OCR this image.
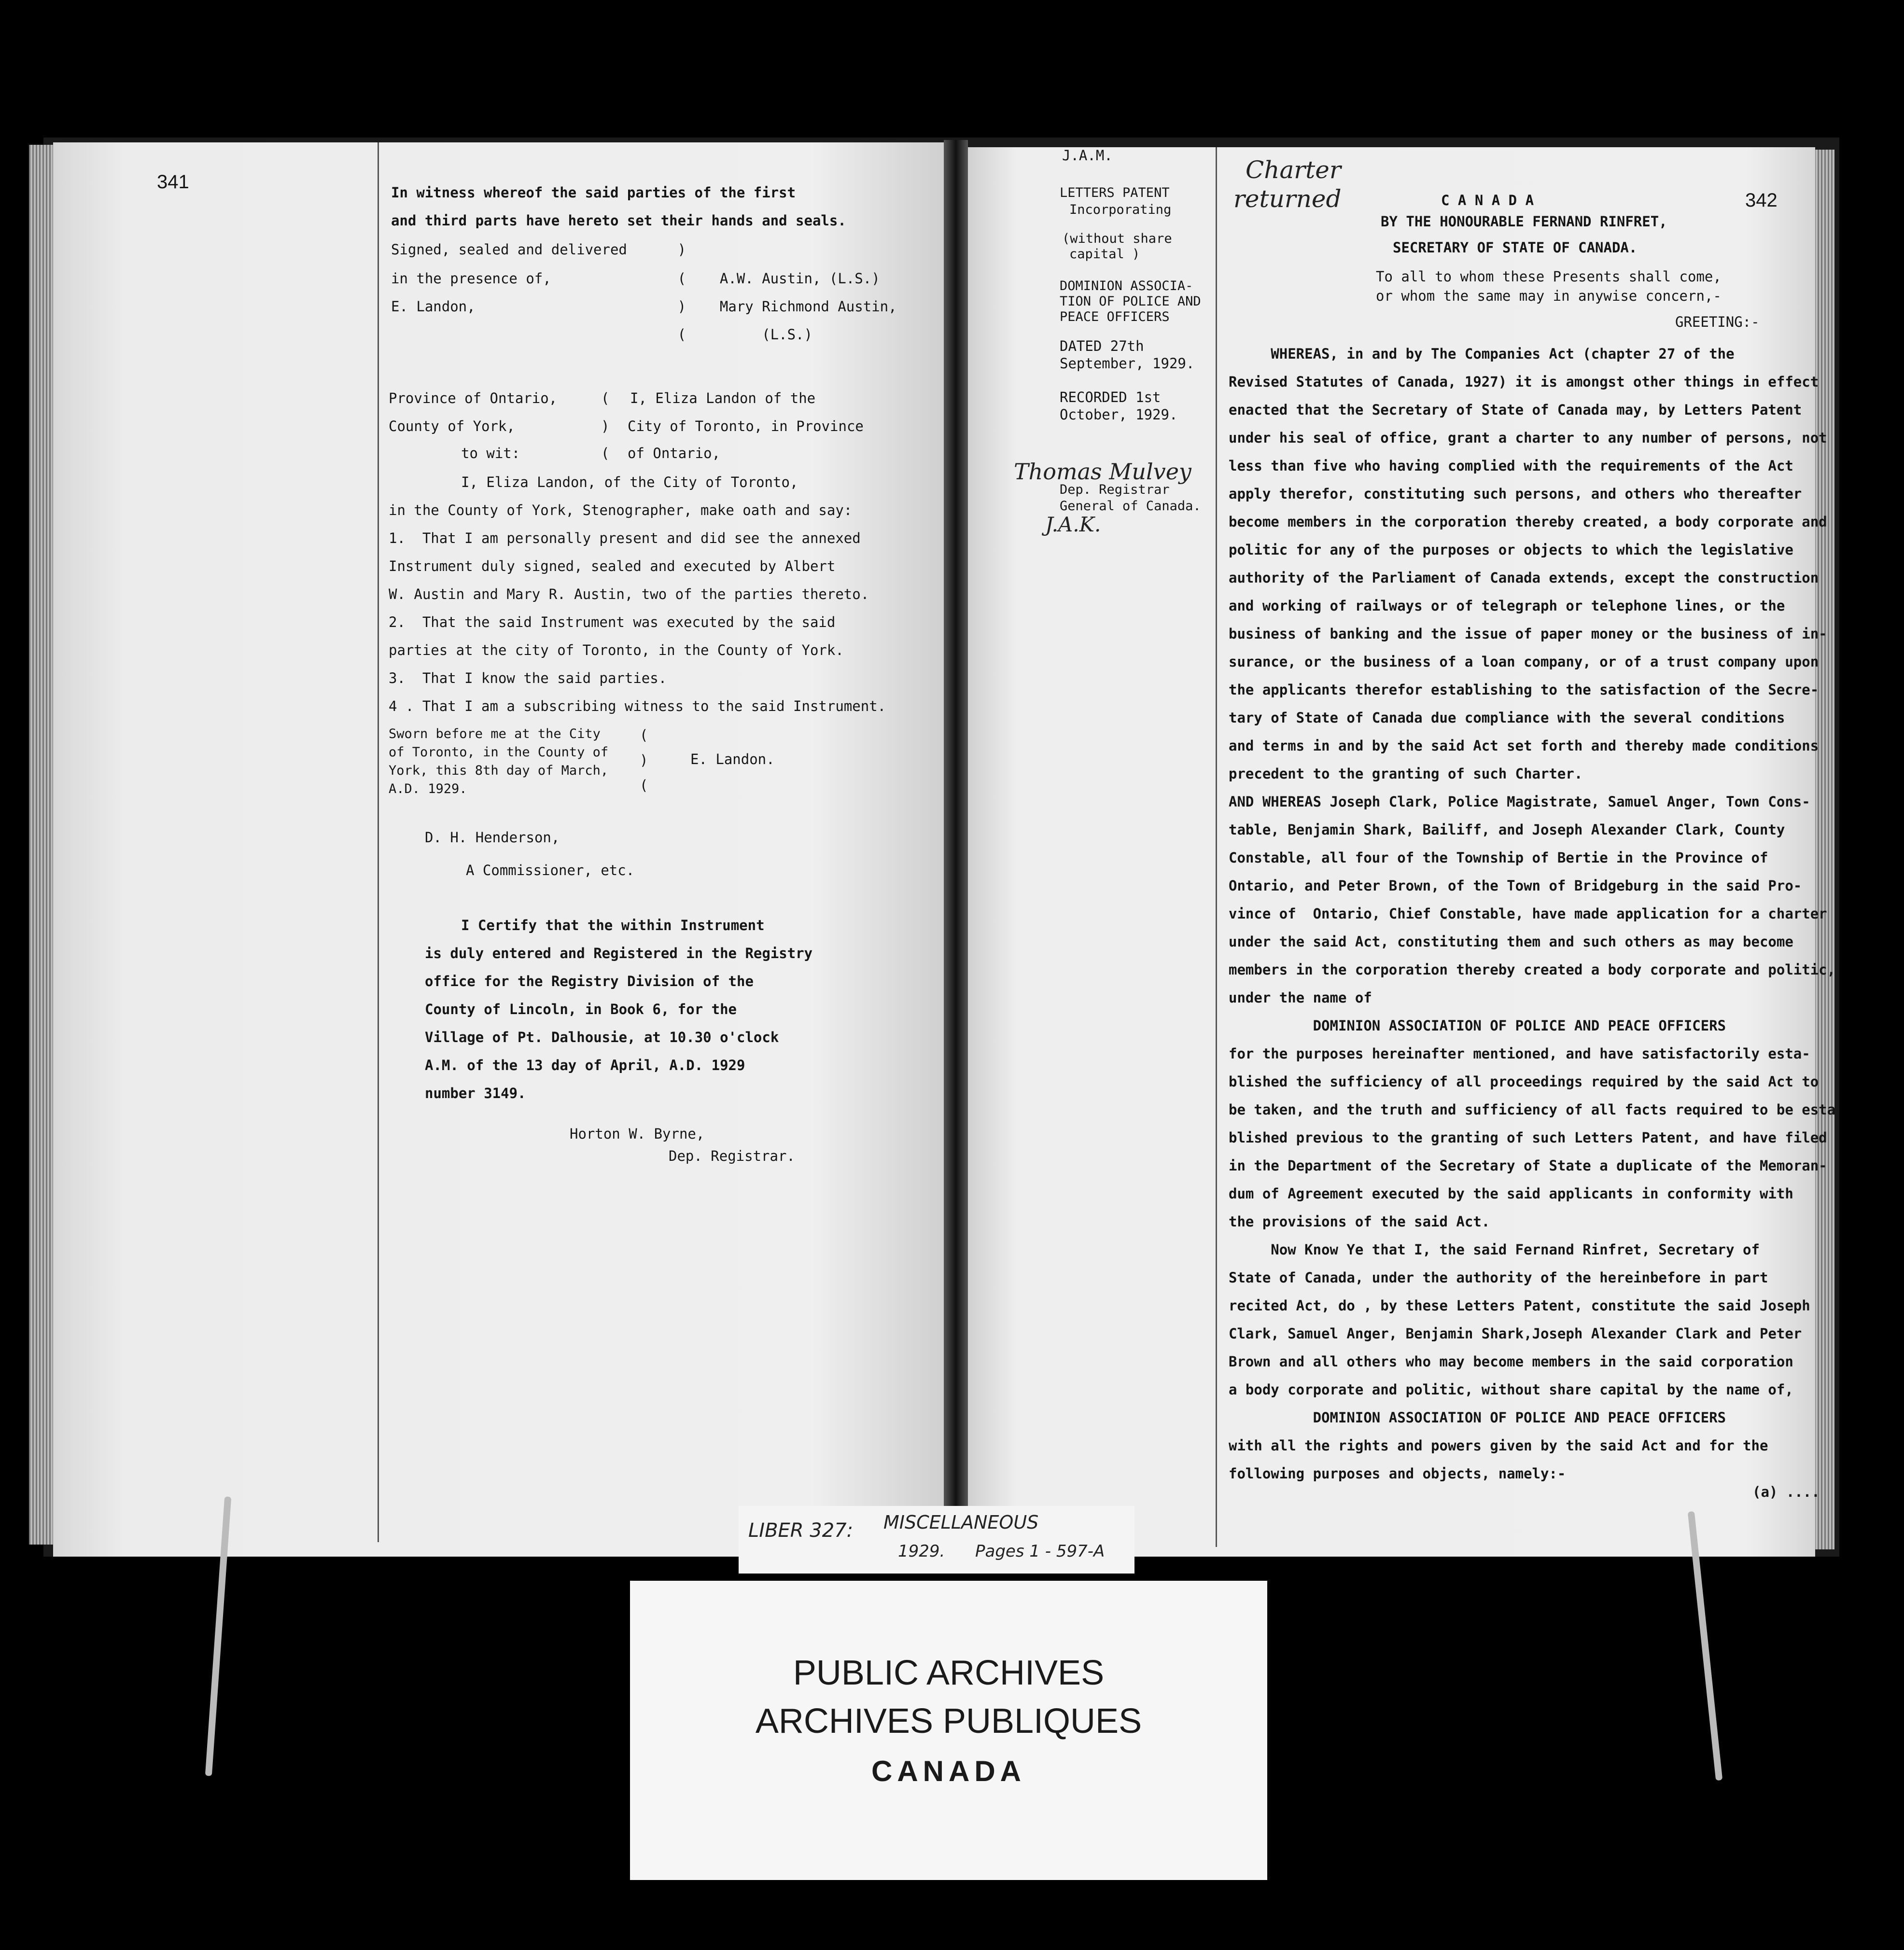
341	In witness whereof the said parties of the first
and third parts have hereto set their hands and seals.
Signed, sealed and delivered      )
in the presence of,               (    A.W. Austin, (L.S.)
E. Landon,                        )    Mary Richmond Austin,
(         (L.S.)
Province of Ontario,
County of York,
to wit:
(
)
(
I, Eliza Landon of the
City of Toronto, in Province
of Ontario,
I, Eliza Landon, of the City of Toronto,
in the County of York, Stenographer, make oath and say:
1.  That I am personally present and did see the annexed
Instrument duly signed, sealed and executed by Albert
W. Austin and Mary R. Austin, two of the parties thereto.
2.  That the said Instrument was executed by the said
parties at the city of Toronto, in the County of York.
3.  That I know the said parties.
4 . That I am a subscribing witness to the said Instrument.
Sworn before me at the City
of Toronto, in the County of
York, this 8th day of March,
A.D. 1929.
(
)
(
E. Landon.
D. H. Henderson,
A Commissioner, etc.
I Certify that the within Instrument
is duly entered and Registered in the Registry
office for the Registry Division of the
County of Lincoln, in Book 6, for the
Village of Pt. Dalhousie, at 10.30 o'clock
A.M. of the 13 day of April, A.D. 1929
number 3149.
Horton W. Byrne,
Dep. Registrar.
J.A.M.
342
LETTERS PATENT
Incorporating
(without share
capital )
DOMINION ASSOCIA-
TION OF POLICE AND
PEACE OFFICERS
DATED 27th
September, 1929.
RECORDED 1st
October, 1929.
Thomas Mulvey
Dep. Registrar
General of Canada.
J.A.K.
Charter
returned	C A N A D A
BY THE HONOURABLE FERNAND RINFRET,
SECRETARY OF STATE OF CANADA.
To all to whom these Presents shall come,
or whom the same may in anywise concern,-
GREETING:-
WHEREAS, in and by The Companies Act (chapter 27 of the
Revised Statutes of Canada, 1927) it is amongst other things in effect
enacted that the Secretary of State of Canada may, by Letters Patent
under his seal of office, grant a charter to any number of persons, not
less than five who having complied with the requirements of the Act
apply therefor, constituting such persons, and others who thereafter
become members in the corporation thereby created, a body corporate and
politic for any of the purposes or objects to which the legislative
authority of the Parliament of Canada extends, except the construction
and working of railways or of telegraph or telephone lines, or the
business of banking and the issue of paper money or the business of in-
surance, or the business of a loan company, or of a trust company upon
the applicants therefor establishing to the satisfaction of the Secre-
tary of State of Canada due compliance with the several conditions
and terms in and by the said Act set forth and thereby made conditions
precedent to the granting of such Charter.
AND WHEREAS Joseph Clark, Police Magistrate, Samuel Anger, Town Cons-
table, Benjamin Shark, Bailiff, and Joseph Alexander Clark, County
Constable, all four of the Township of Bertie in the Province of
Ontario, and Peter Brown, of the Town of Bridgeburg in the said Pro-
vince of  Ontario, Chief Constable, have made application for a charter
under the said Act, constituting them and such others as may become
members in the corporation thereby created a body corporate and politic,
under the name of
DOMINION ASSOCIATION OF POLICE AND PEACE OFFICERS
for the purposes hereinafter mentioned, and have satisfactorily esta-
blished the sufficiency of all proceedings required by the said Act to
be taken, and the truth and sufficiency of all facts required to be esta
blished previous to the granting of such Letters Patent, and have filed
in the Department of the Secretary of State a duplicate of the Memoran-
dum of Agreement executed by the said applicants in conformity with
the provisions of the said Act.
Now Know Ye that I, the said Fernand Rinfret, Secretary of
State of Canada, under the authority of the hereinbefore in part
recited Act, do , by these Letters Patent, constitute the said Joseph
Clark, Samuel Anger, Benjamin Shark,Joseph Alexander Clark and Peter
Brown and all others who may become members in the said corporation
a body corporate and politic, without share capital by the name of,
DOMINION ASSOCIATION OF POLICE AND PEACE OFFICERS
with all the rights and powers given by the said Act and for the
following purposes and objects, namely:-
(a) ....
LIBER 327: MISCELLANEOUS
1929. Pages 1 - 597-A
PUBLIC ARCHIVES
ARCHIVES PUBLIQUES
CANADA
